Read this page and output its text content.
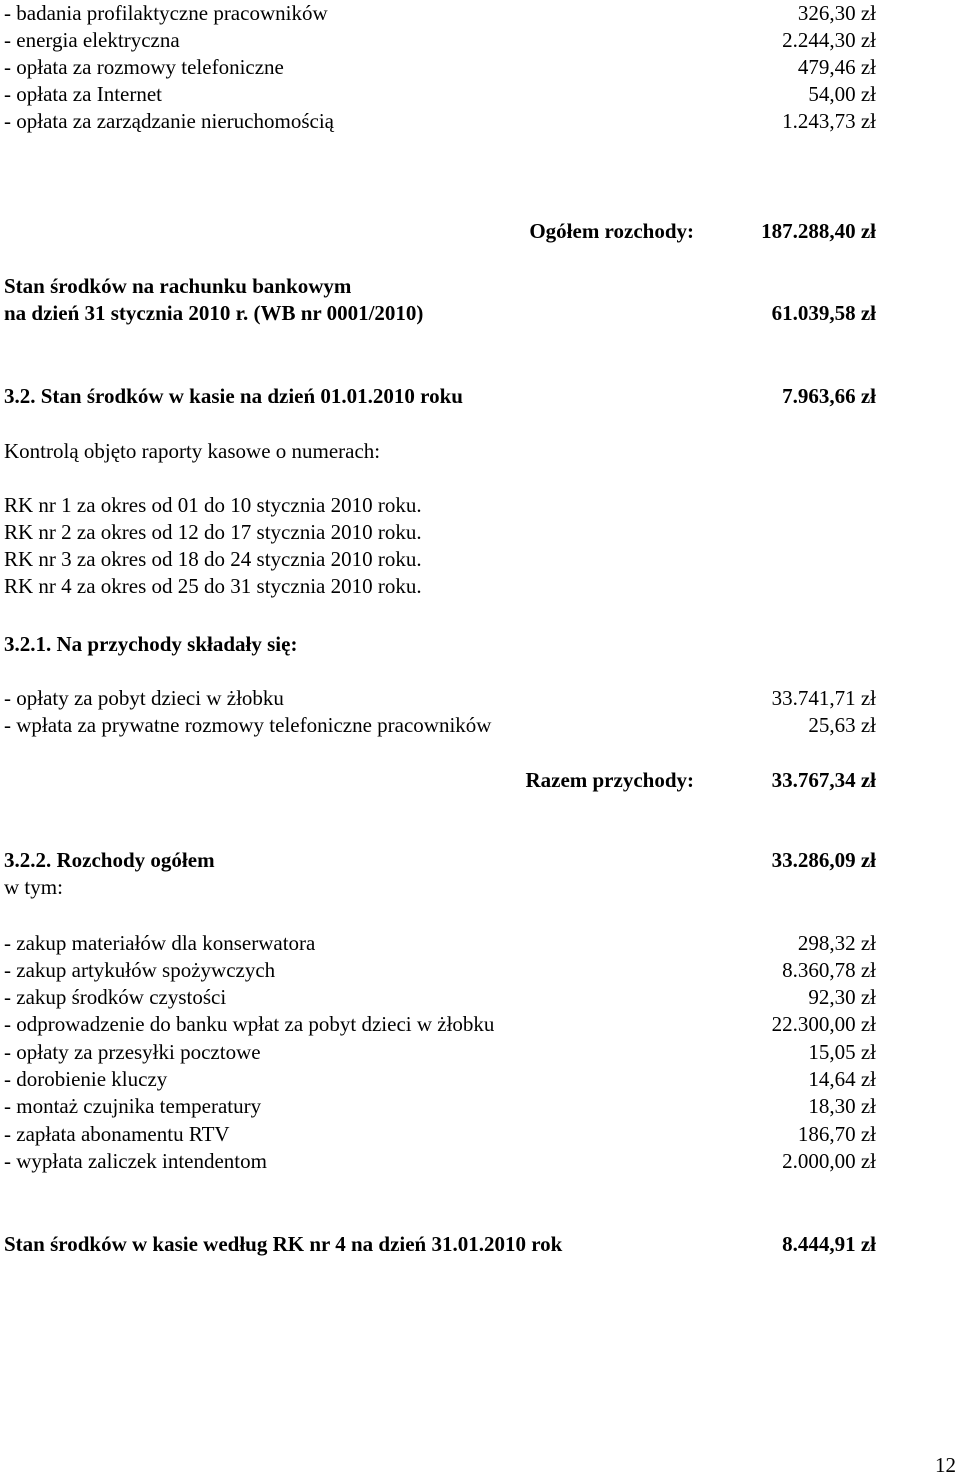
- badania profilaktyczne pracowników	326,30 zł
- energia elektryczna	2.244,30 zł
- opłata za rozmowy telefoniczne	479,46 zł
- opłata za Internet	54,00 zł
- opłata za zarządzanie nieruchomością	1.243,73 zł
Ogółem rozchody:	187.288,40 zł
Stan środków na rachunku bankowym
na dzień 31 stycznia 2010 r. (WB nr 0001/2010)	61.039,58 zł
3.2. Stan środków w kasie na dzień 01.01.2010 roku	7.963,66 zł
Kontrolą objęto raporty kasowe o numerach:
RK nr 1 za okres od 01 do 10 stycznia 2010 roku.
RK nr 2 za okres od 12 do 17 stycznia 2010 roku.
RK nr 3 za okres od 18 do 24 stycznia 2010 roku.
RK nr 4 za okres od 25 do 31 stycznia 2010 roku.
3.2.1. Na przychody składały się:
- opłaty za pobyt dzieci w żłobku	33.741,71 zł
- wpłata za prywatne rozmowy telefoniczne pracowników	25,63 zł
Razem przychody:	33.767,34 zł
3.2.2. Rozchody ogółem	33.286,09 zł
w tym:
- zakup materiałów dla konserwatora	298,32 zł
- zakup artykułów spożywczych	8.360,78 zł
- zakup środków czystości	92,30 zł
- odprowadzenie do banku wpłat za pobyt dzieci w żłobku	22.300,00 zł
- opłaty za przesyłki pocztowe	15,05 zł
- dorobienie kluczy	14,64 zł
- montaż czujnika temperatury	18,30 zł
- zapłata abonamentu RTV	186,70 zł
- wypłata zaliczek intendentom	2.000,00 zł
Stan środków w kasie według RK nr 4 na dzień 31.01.2010 rok	8.444,91 zł
12
